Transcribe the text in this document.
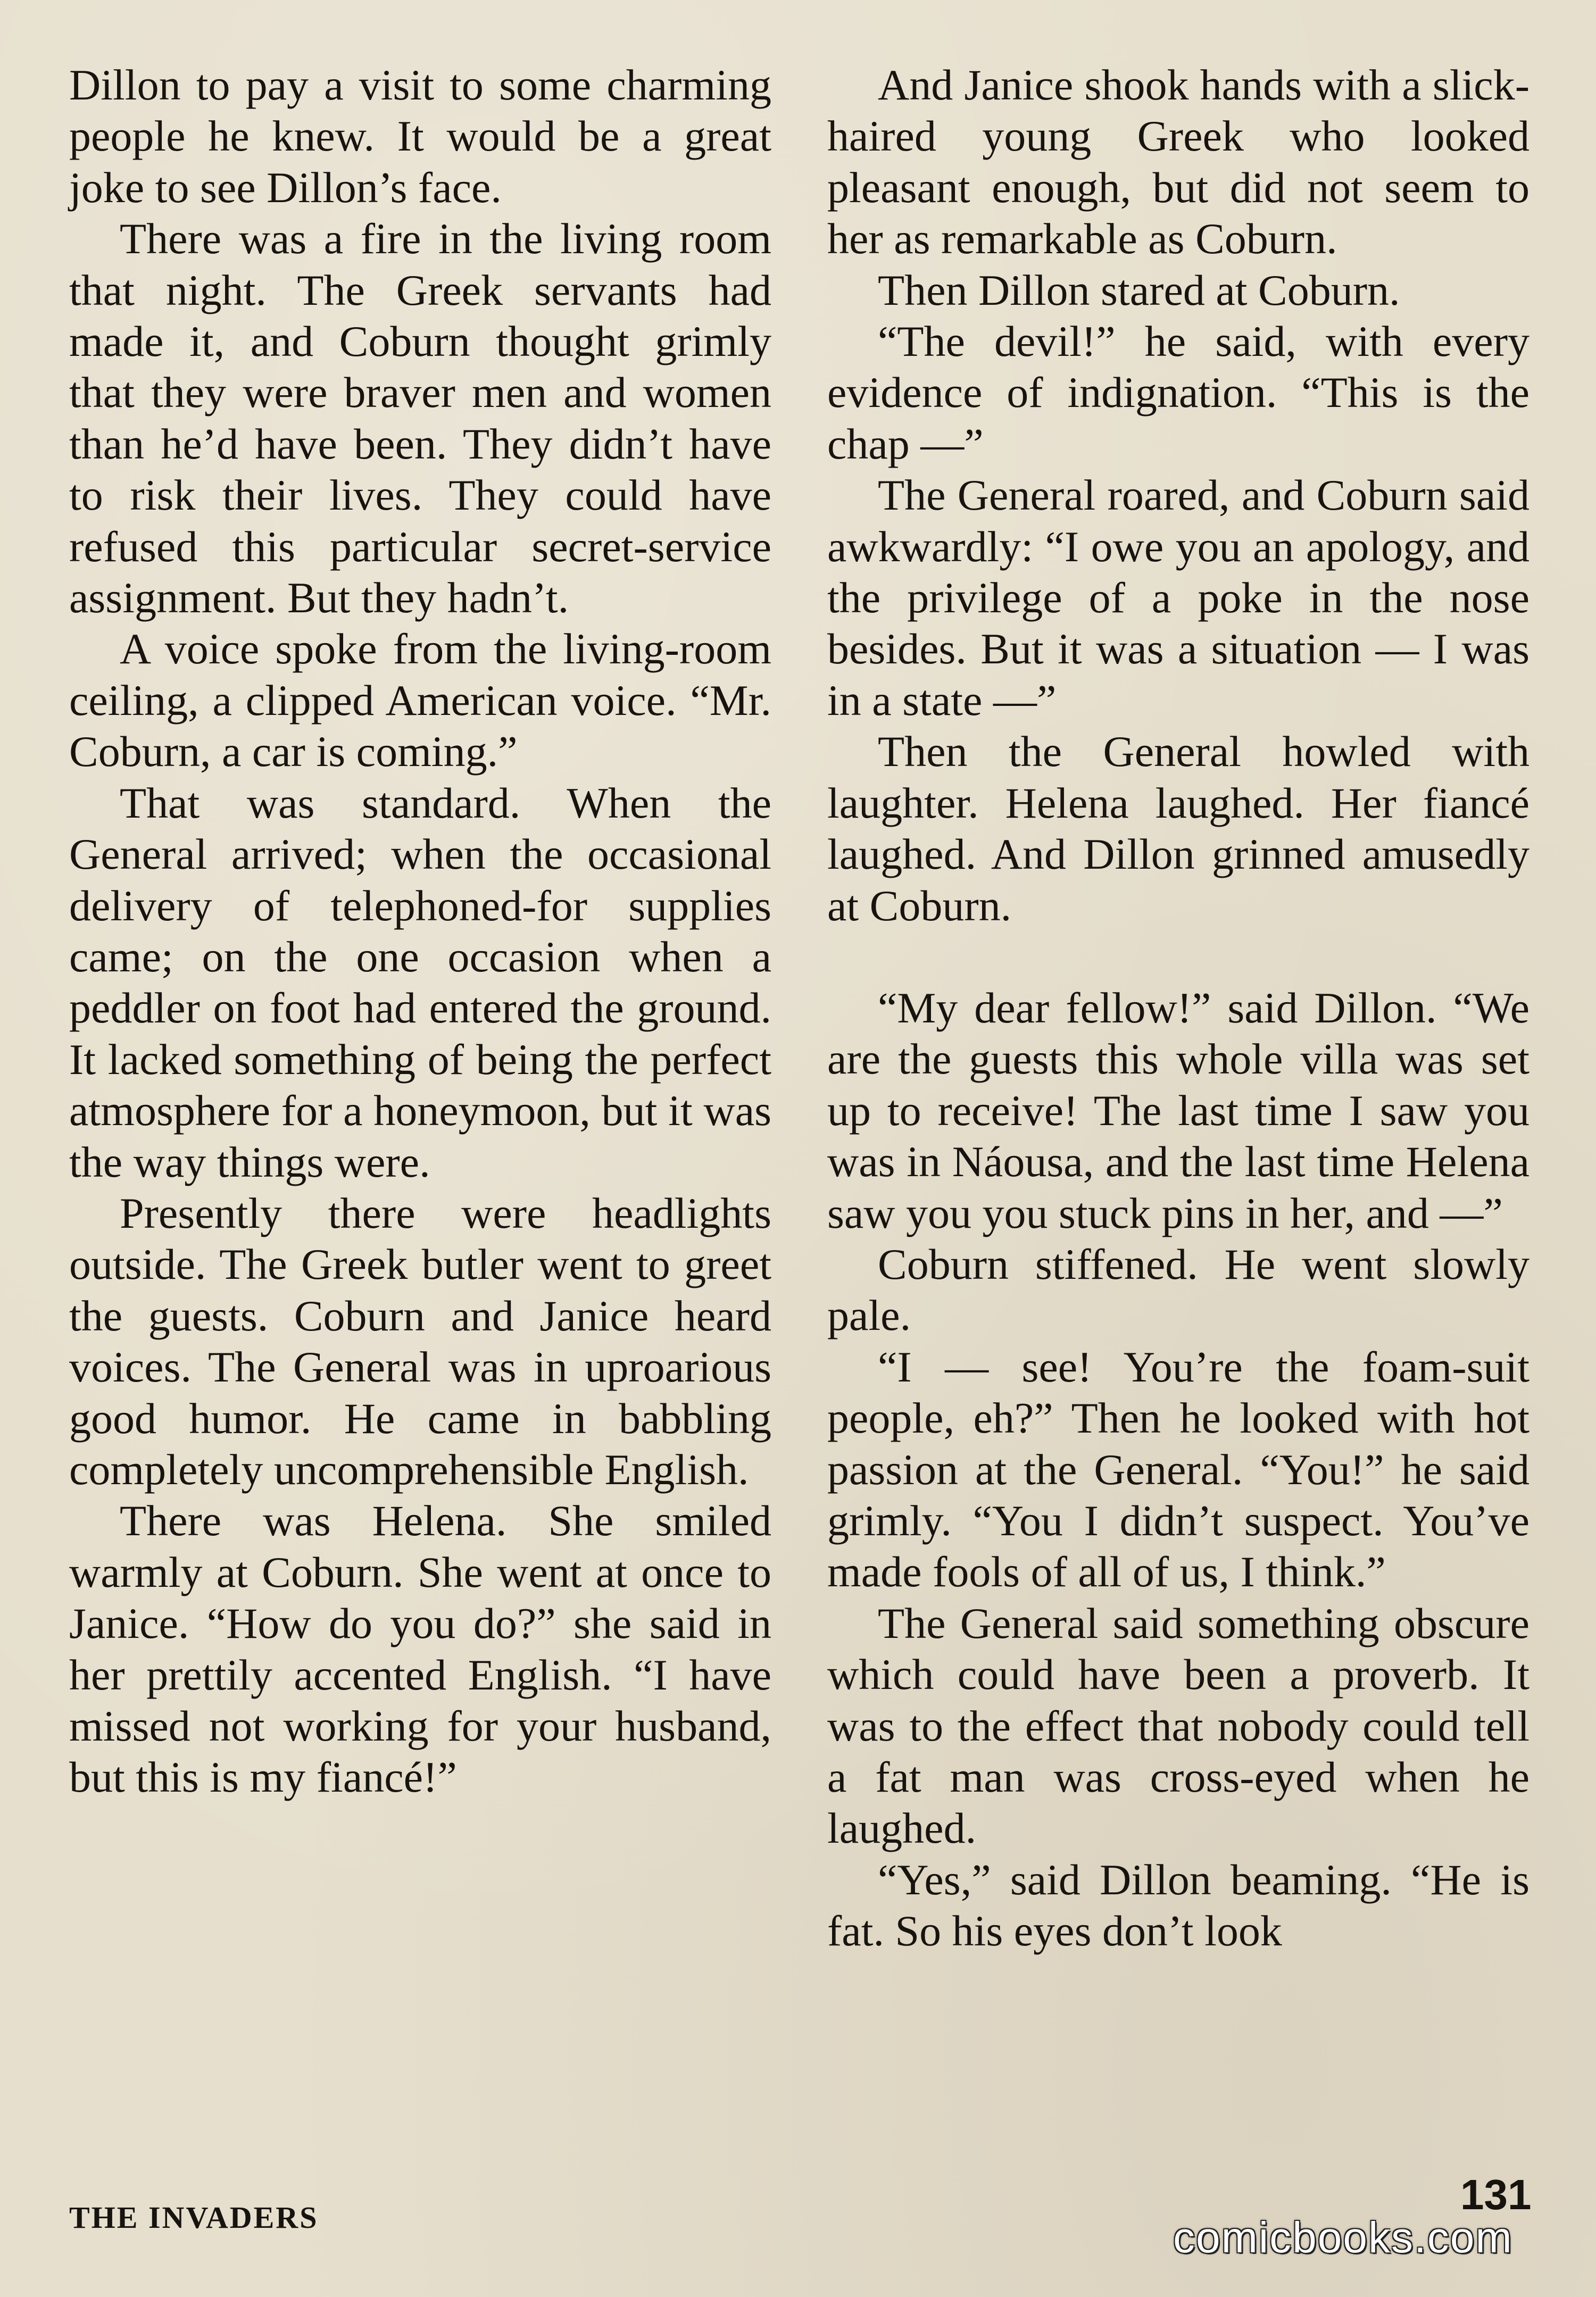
Dillon to pay a visit to some charming people he knew. It would be a great joke to see Dillon’s face.

There was a fire in the living room that night. The Greek servants had made it, and Coburn thought grimly that they were braver men and women than he’d have been. They didn’t have to risk their lives. They could have refused this particular secret-service assignment. But they hadn’t.

A voice spoke from the living-room ceiling, a clipped American voice. “Mr. Coburn, a car is coming.”

That was standard. When the General arrived; when the occasional delivery of telephoned-for supplies came; on the one occasion when a peddler on foot had entered the ground. It lacked something of being the perfect atmosphere for a honeymoon, but it was the way things were.

Presently there were headlights outside. The Greek butler went to greet the guests. Coburn and Janice heard voices. The General was in uproarious good humor. He came in babbling completely uncomprehensible English.

There was Helena. She smiled warmly at Coburn. She went at once to Janice. “How do you do?” she said in her prettily accented English. “I have missed not working for your husband, but this is my fiancé!”

And Janice shook hands with a slick-haired young Greek who looked pleasant enough, but did not seem to her as remarkable as Coburn.

Then Dillon stared at Coburn.

“The devil!” he said, with every evidence of indignation. “This is the chap —”

The General roared, and Coburn said awkwardly: “I owe you an apology, and the privilege of a poke in the nose besides. But it was a situation — I was in a state —”

Then the General howled with laughter. Helena laughed. Her fiancé laughed. And Dillon grinned amusedly at Coburn.

“My dear fellow!” said Dillon. “We are the guests this whole villa was set up to receive! The last time I saw you was in Náousa, and the last time Helena saw you you stuck pins in her, and —”

Coburn stiffened. He went slowly pale.

“I — see! You’re the foam-suit people, eh?” Then he looked with hot passion at the General. “You!” he said grimly. “You I didn’t suspect. You’ve made fools of all of us, I think.”

The General said something obscure which could have been a proverb. It was to the effect that nobody could tell a fat man was cross-eyed when he laughed.

“Yes,” said Dillon beaming. “He is fat. So his eyes don’t look

THE INVADERS	131
comicbooks.com
